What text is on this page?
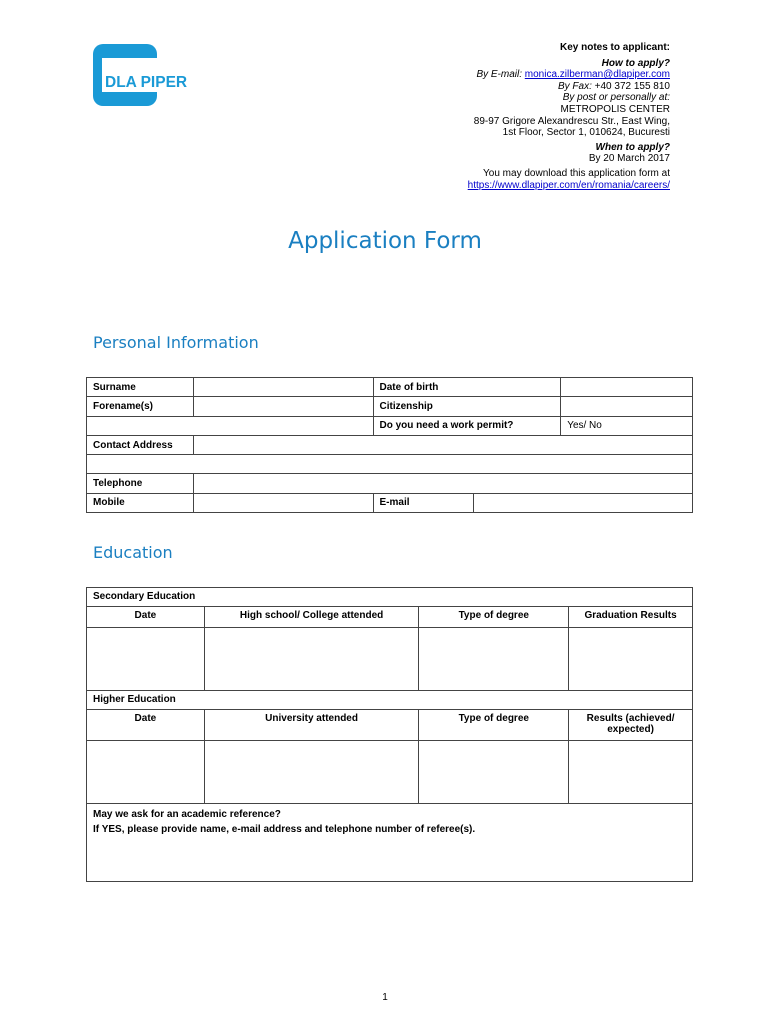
DLA PIPER
Key notes to applicant:
How to apply?
By E-mail: monica.zilberman@dlapiper.com
By Fax: +40 372 155 810
By post or personally at:
METROPOLIS CENTER
89-97 Grigore Alexandrescu Str., East Wing,
1st Floor, Sector 1, 010624, Bucuresti
When to apply?
By 20 March 2017
You may download this application form at
https://www.dlapiper.com/en/romania/careers/
Application Form
Personal Information
Surname		Date of birth		
Forename(s)		Citizenship		
		Do you need a work permit?		Yes/ No
Contact Address				

Telephone				
Mobile		E-mail		
Education
Secondary Education			
Date	High school/ College attended	Type of degree	Graduation Results

Higher Education			
Date	University attended	Type of degree	Results (achieved/ expected)

May we ask for an academic reference?
If YES, please provide name, e-mail address and telephone number of referee(s).			
1
